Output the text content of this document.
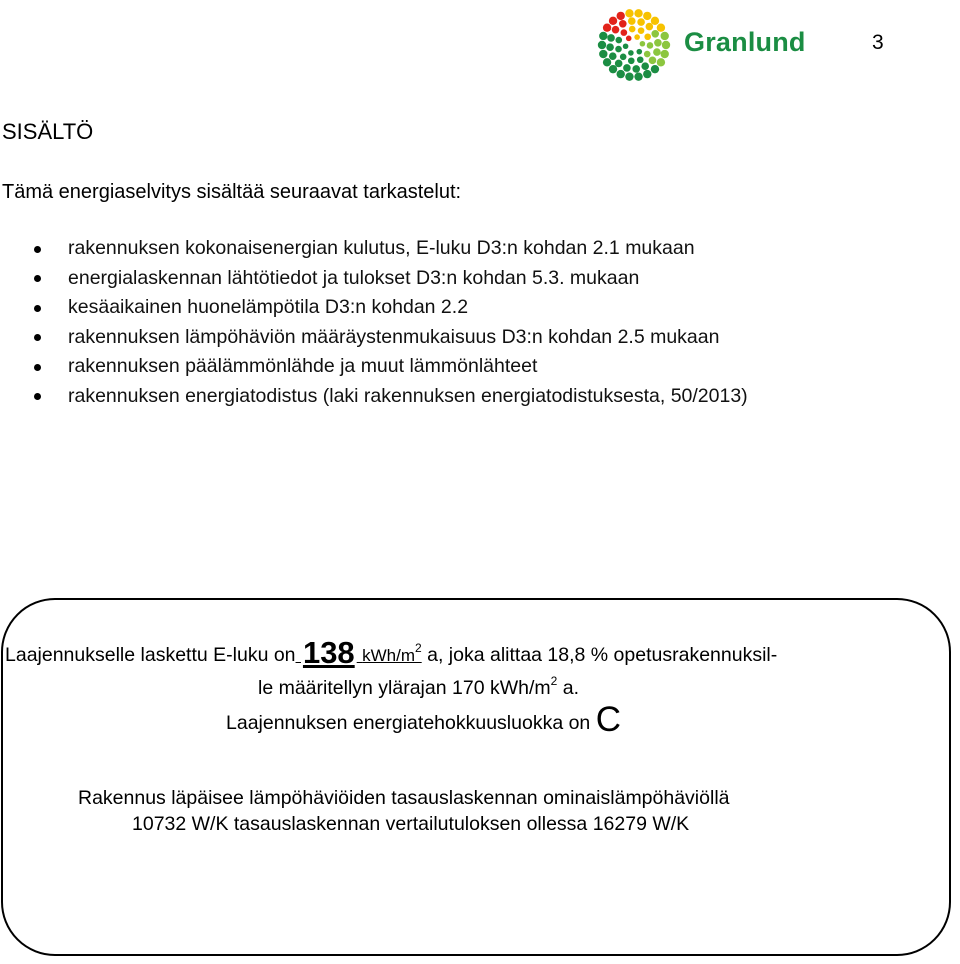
3
Granlund
SISÄLTÖ

Tämä energiaselvitys sisältää seuraavat tarkastelut:

rakennuksen kokonaisenergian kulutus, E-luku D3:n kohdan 2.1 mukaan
energialaskennan lähtötiedot ja tulokset D3:n kohdan 5.3. mukaan
kesäaikainen huonelämpötila D3:n kohdan 2.2
rakennuksen lämpöhäviön määräystenmukaisuus D3:n kohdan 2.5 mukaan
rakennuksen päälämmönlähde ja muut lämmönlähteet
rakennuksen energiatodistus (laki rakennuksen energiatodistuksesta, 50/2013)
Laajennukselle laskettu E-luku on 138 kWh/$m^2$ a, joka alittaa 18,8 % opetusrakennuksil-
le määritellyn ylärajan 170 kWh/$m^2$ a.
Laajennuksen energiatehokkuusluokka on C
Rakennus läpäisee lämpöhäviöiden tasauslaskennan ominaislämpöhäviöllä
10732 W/K tasauslaskennan vertailutuloksen ollessa 16279 W/K
